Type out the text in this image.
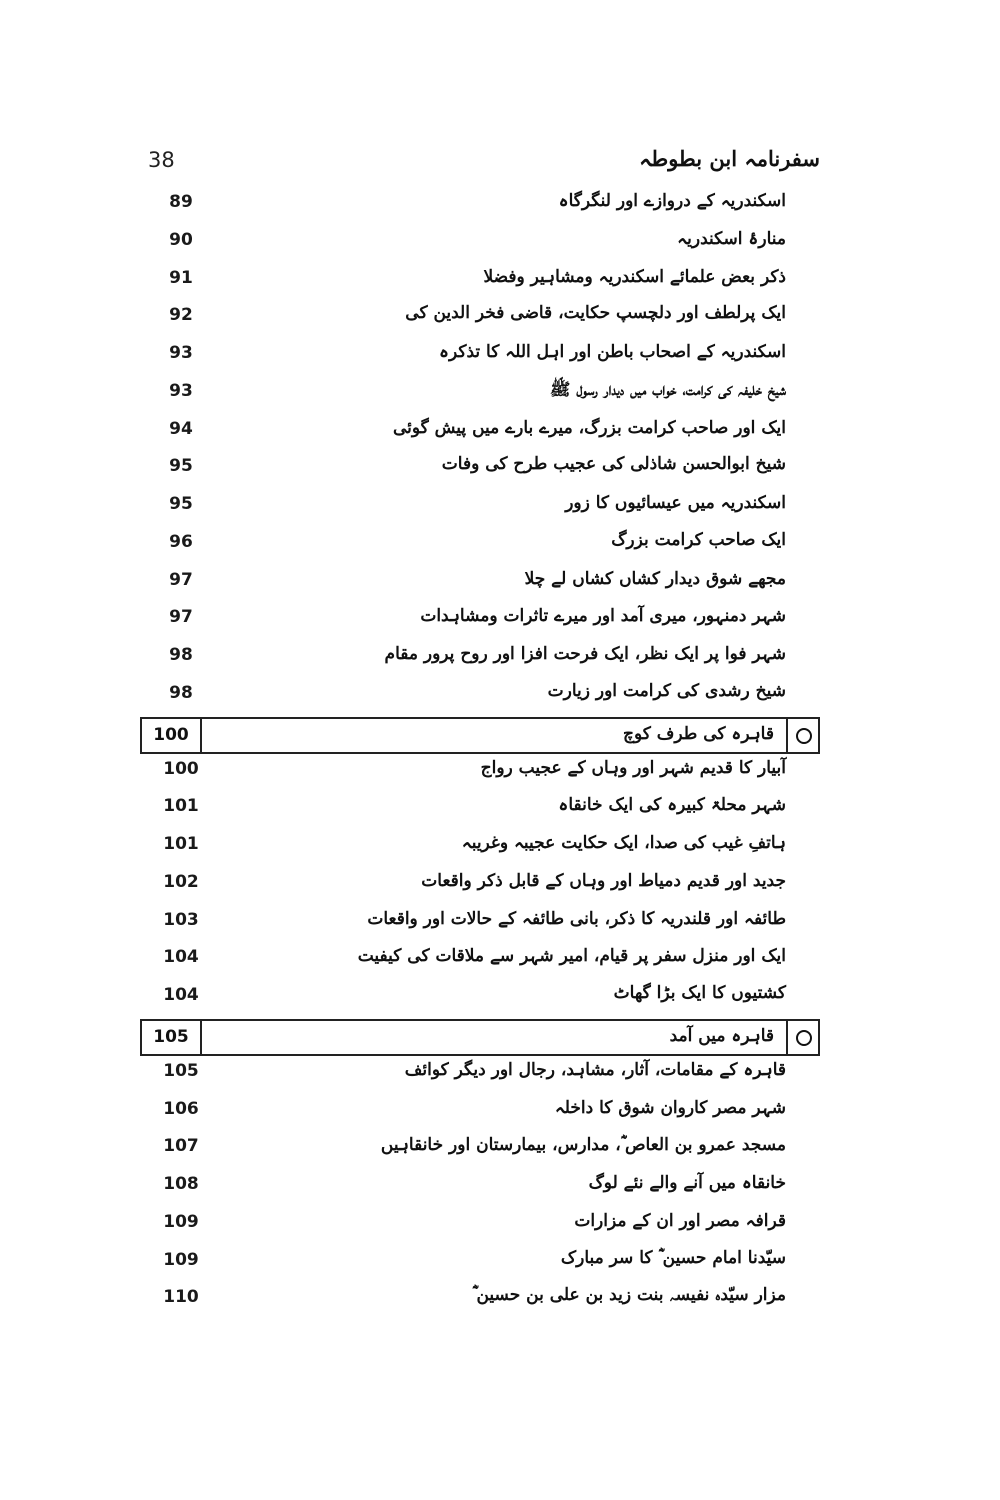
38	سفرنامہ ابن بطوطہ
89	اسکندریہ کے دروازے اور لنگرگاہ
90	منارۂ اسکندریہ
91	ذکر بعض علمائے اسکندریہ ومشاہیر وفضلا
92	ایک پرلطف اور دلچسپ حکایت، قاضی فخر الدین کی
93	اسکندریہ کے اصحاب باطن اور اہل اللہ کا تذکرہ
93	شیخ خلیفہ کی کرامت، خواب میں دیدار رسول ﷺ
94	ایک اور صاحب کرامت بزرگ، میرے بارے میں پیش گوئی
95	شیخ ابوالحسن شاذلی کی عجیب طرح کی وفات
95	اسکندریہ میں عیسائیوں کا زور
96	ایک صاحب کرامت بزرگ
97	مجھے شوق دیدار کشاں کشاں لے چلا
97	شہر دمنہور، میری آمد اور میرے تاثرات ومشاہدات
98	شہر فوا پر ایک نظر، ایک فرحت افزا اور روح پرور مقام
98	شیخ رشدی کی کرامت اور زیارت
100	قاہرہ کی طرف کوچ
100	آبیار کا قدیم شہر اور وہاں کے عجیب رواج
101	شہر محلۃ کبیرہ کی ایک خانقاہ
101	ہاتفِ غیب کی صدا، ایک حکایت عجیبہ وغریبہ
102	جدید اور قدیم دمیاط اور وہاں کے قابل ذکر واقعات
103	طائفہ اور قلندریہ کا ذکر، بانی طائفہ کے حالات اور واقعات
104	ایک اور منزل سفر پر قیام، امیر شہر سے ملاقات کی کیفیت
104	کشتیوں کا ایک بڑا گھاٹ
105	قاہرہ میں آمد
105	قاہرہ کے مقامات، آثار، مشاہد، رجال اور دیگر کوائف
106	شہر مصر کاروان شوق کا داخلہ
107	مسجد عمرو بن العاص ؓ، مدارس، بیمارستان اور خانقاہیں
108	خانقاہ میں آنے والے نئے لوگ
109	قرافہ مصر اور ان کے مزارات
109	سیّدنا امام حسین ؓ کا سر مبارک
110	مزار سیّدہ نفیسہ بنت زید بن علی بن حسین ؓ
